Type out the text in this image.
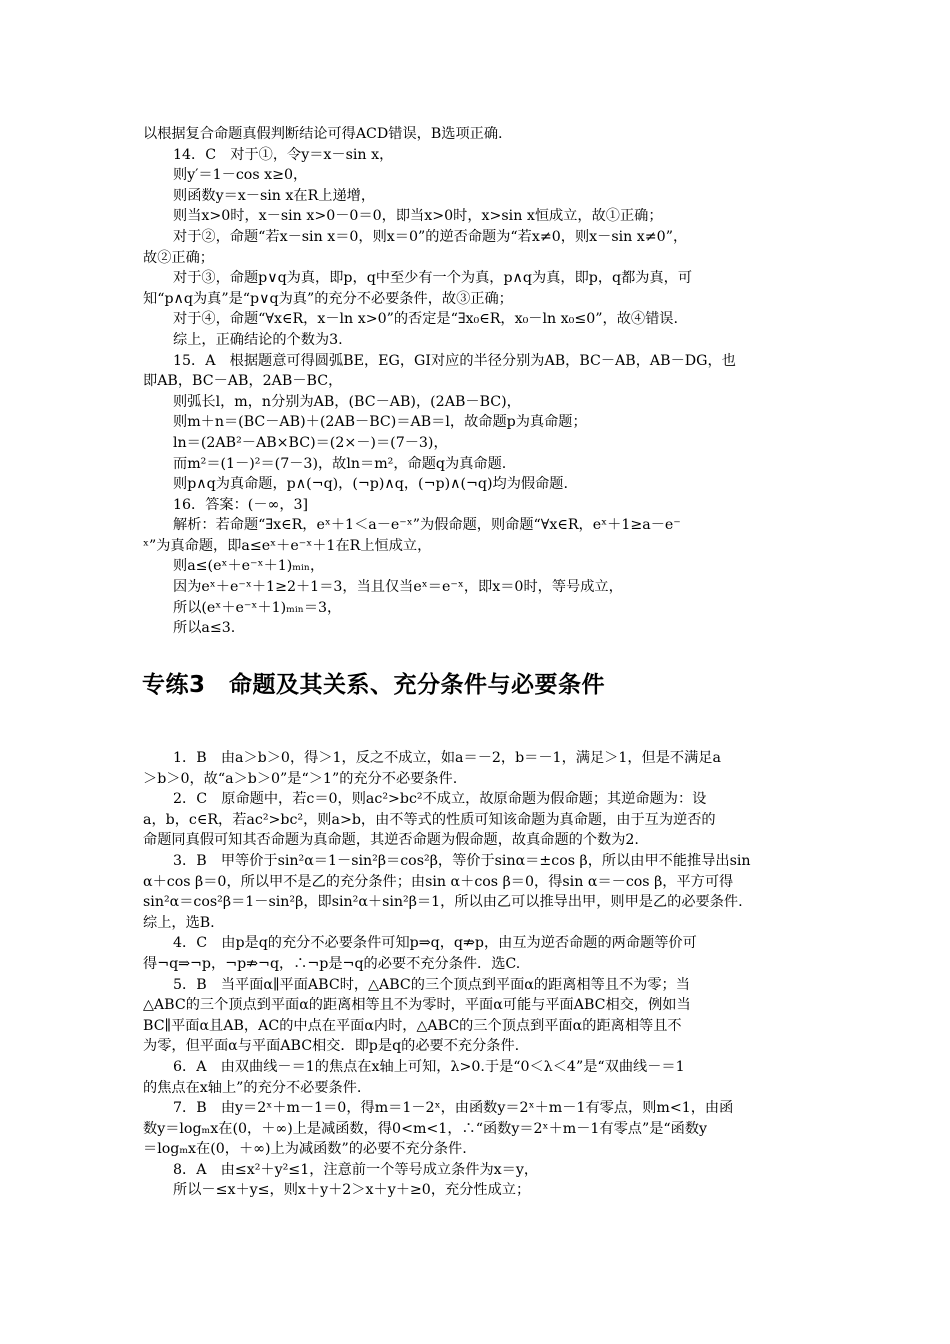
以根据复合命题真假判断结论可得ACD错误，B选项正确.
14．C　对于①，令y＝x－sin x，
则y′＝1－cos x≥0，
则函数y＝x－sin x在R上递增，
则当x>0时，x－sin x>0－0＝0，即当x>0时，x>sin x恒成立，故①正确；
对于②，命题“若x－sin x＝0，则x＝0”的逆否命题为“若x≠0，则x－sin x≠0”，
故②正确；
对于③，命题p∨q为真，即p，q中至少有一个为真，p∧q为真，即p，q都为真，可
知“p∧q为真”是“p∨q为真”的充分不必要条件，故③正确；
对于④，命题“∀x∈R，x－ln x>0”的否定是“∃x₀∈R，x₀－ln x₀≤0”，故④错误.
综上，正确结论的个数为3.
15．A　根据题意可得圆弧BE，EG，GI对应的半径分别为AB，BC－AB，AB－DG，也
即AB，BC－AB，2AB－BC，
则弧长l，m，n分别为AB，(BC－AB)，(2AB－BC)，
则m＋n＝(BC－AB)＋(2AB－BC)＝AB＝l，故命题p为真命题；
ln＝(2AB²－AB×BC)＝(2×－)＝(7－3)，
而m²＝(1－)²＝(7－3)，故ln＝m²，命题q为真命题.
则p∧q为真命题，p∧(¬q)，(¬p)∧q，(¬p)∧(¬q)均为假命题.
16．答案：(－∞，3]
解析：若命题“∃x∈R，eˣ＋1＜a－e⁻ˣ”为假命题，则命题“∀x∈R，eˣ＋1≥a－e⁻
ˣ”为真命题，即a≤eˣ＋e⁻ˣ＋1在R上恒成立，
则a≤(eˣ＋e⁻ˣ＋1)ₘᵢₙ，
因为eˣ＋e⁻ˣ＋1≥2＋1＝3，当且仅当eˣ＝e⁻ˣ，即x＝0时，等号成立，
所以(eˣ＋e⁻ˣ＋1)ₘᵢₙ＝3，
所以a≤3.
专练3　命题及其关系、充分条件与必要条件
1．B　由a＞b＞0，得＞1，反之不成立，如a＝－2，b＝－1，满足＞1，但是不满足a
＞b＞0，故“a＞b＞0”是“＞1”的充分不必要条件.
2．C　原命题中，若c＝0，则ac²>bc²不成立，故原命题为假命题；其逆命题为：设
a，b，c∈R，若ac²>bc²，则a>b，由不等式的性质可知该命题为真命题，由于互为逆否的
命题同真假可知其否命题为真命题，其逆否命题为假命题，故真命题的个数为2.
3．B　甲等价于sin²α＝1－sin²β＝cos²β，等价于sinα＝±cos β，所以由甲不能推导出sin
α＋cos β＝0，所以甲不是乙的充分条件；由sin α＋cos β＝0，得sin α＝－cos β，平方可得
sin²α＝cos²β＝1－sin²β，即sin²α＋sin²β＝1，所以由乙可以推导出甲，则甲是乙的必要条件.
综上，选B.
4．C　由p是q的充分不必要条件可知p⇒q，q⇏p，由互为逆否命题的两命题等价可
得¬q⇒¬p，¬p⇏¬q，∴¬p是¬q的必要不充分条件．选C.
5．B　当平面α∥平面ABC时，△ABC的三个顶点到平面α的距离相等且不为零；当
△ABC的三个顶点到平面α的距离相等且不为零时，平面α可能与平面ABC相交，例如当
BC∥平面α且AB，AC的中点在平面α内时，△ABC的三个顶点到平面α的距离相等且不
为零，但平面α与平面ABC相交．即p是q的必要不充分条件.
6．A　由双曲线－＝1的焦点在x轴上可知，λ>0.于是“0＜λ＜4”是“双曲线－＝1
的焦点在x轴上”的充分不必要条件.
7．B　由y＝2ˣ＋m－1＝0，得m＝1－2ˣ，由函数y＝2ˣ＋m－1有零点，则m<1，由函
数y＝logₘx在(0，＋∞)上是减函数，得0<m<1，∴“函数y＝2ˣ＋m－1有零点”是“函数y
＝logₘx在(0，＋∞)上为减函数”的必要不充分条件.
8．A　由≤x²＋y²≤1，注意前一个等号成立条件为x＝y，
所以－≤x＋y≤，则x＋y＋2＞x＋y＋≥0，充分性成立；
